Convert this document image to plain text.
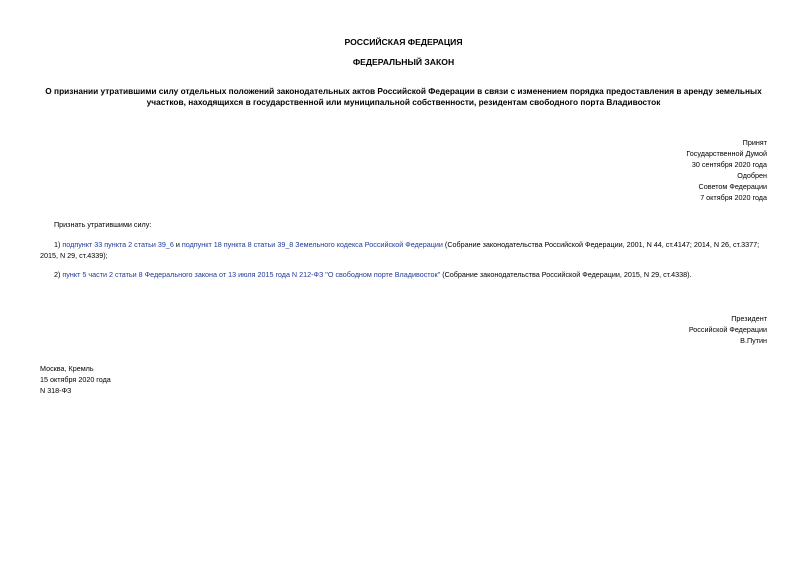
РОССИЙСКАЯ ФЕДЕРАЦИЯ
ФЕДЕРАЛЬНЫЙ ЗАКОН
О признании утратившими силу отдельных положений законодательных актов Российской Федерации в связи с изменением порядка предоставления в аренду земельных участков, находящихся в государственной или муниципальной собственности, резидентам свободного порта Владивосток
Принят
Государственной Думой
30 сентября 2020 года
Одобрен
Советом Федерации
7 октября 2020 года
Признать утратившими силу:
1) подпункт 33 пункта 2 статьи 39_6 и подпункт 18 пункта 8 статьи 39_8 Земельного кодекса Российской Федерации (Собрание законодательства Российской Федерации, 2001, N 44, ст.4147; 2014, N 26, ст.3377; 2015, N 29, ст.4339);
2) пункт 5 части 2 статьи 8 Федерального закона от 13 июля 2015 года N 212-ФЗ "О свободном порте Владивосток" (Собрание законодательства Российской Федерации, 2015, N 29, ст.4338).
Президент
Российской Федерации
В.Путин
Москва, Кремль
15 октября 2020 года
N 318-ФЗ
